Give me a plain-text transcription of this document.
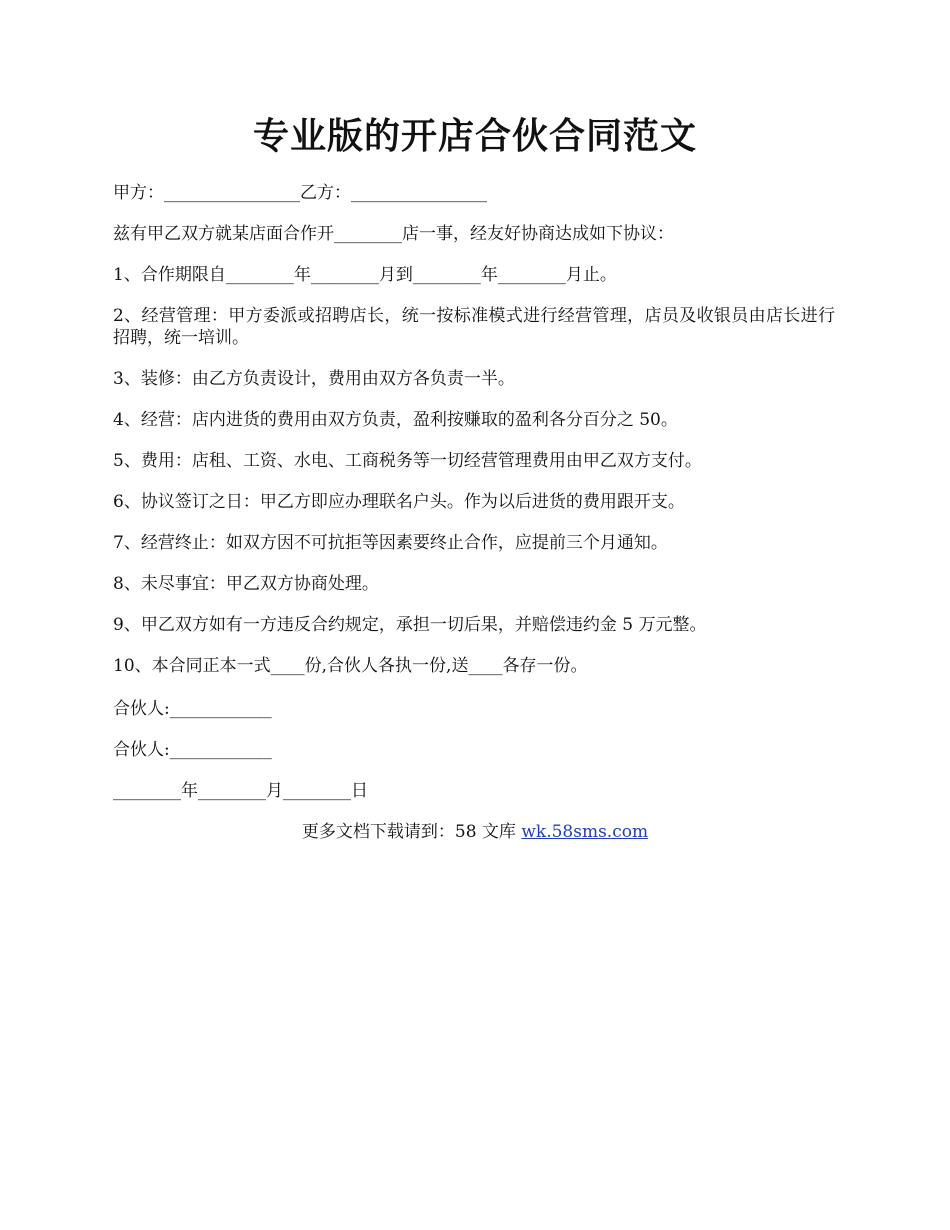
专业版的开店合伙合同范文
甲方：________________乙方：________________
兹有甲乙双方就某店面合作开________店一事，经友好协商达成如下协议：
1、合作期限自________年________月到________年________月止。
2、经营管理：甲方委派或招聘店长，统一按标准模式进行经营管理，店员及收银员由店长进行招聘，统一培训。
3、装修：由乙方负责设计，费用由双方各负责一半。
4、经营：店内进货的费用由双方负责，盈利按赚取的盈利各分百分之 50。
5、费用：店租、工资、水电、工商税务等一切经营管理费用由甲乙双方支付。
6、协议签订之日：甲乙方即应办理联名户头。作为以后进货的费用跟开支。
7、经营终止：如双方因不可抗拒等因素要终止合作，应提前三个月通知。
8、未尽事宜：甲乙双方协商处理。
9、甲乙双方如有一方违反合约规定，承担一切后果，并赔偿违约金 5 万元整。
10、本合同正本一式____份,合伙人各执一份,送____各存一份。
合伙人:____________
合伙人:____________
________年________月________日
更多文档下载请到：58 文库 wk.58sms.com
